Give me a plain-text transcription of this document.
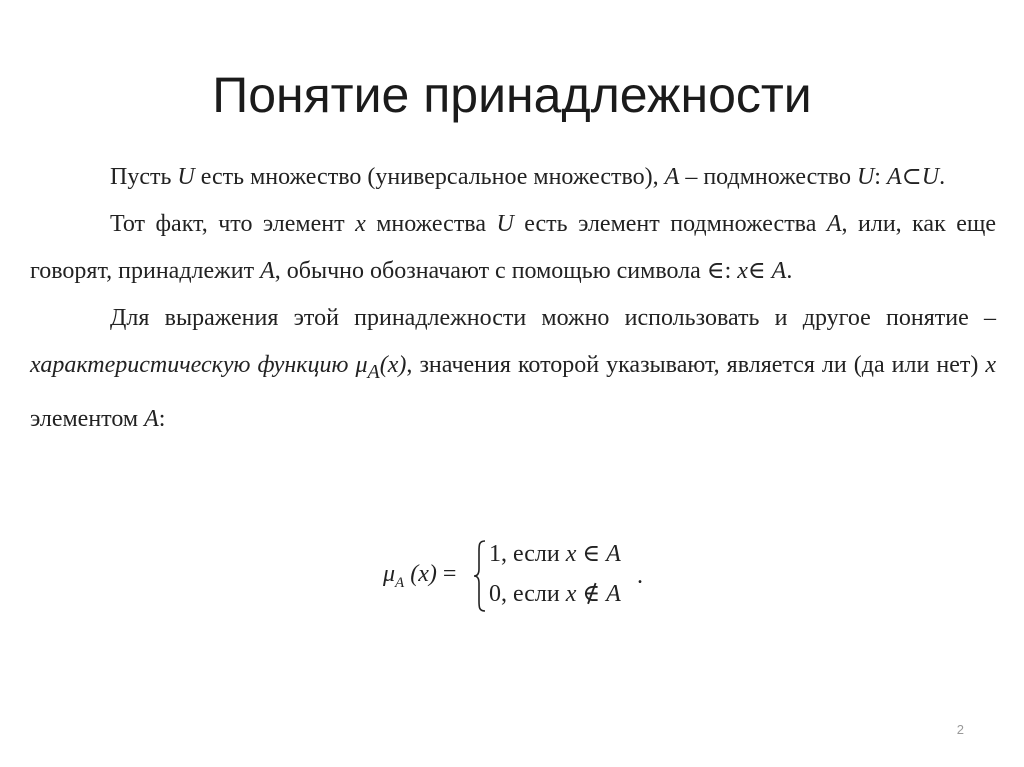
Понятие принадлежности

Пусть U есть множество (универсальное множество), A – подмножество U: A⊂U.

Тот факт, что элемент x множества U есть элемент подмножества A, или, как еще говорят, принадлежит A, обычно обозначают с помощью символа ∈: x∈ A.

Для выражения этой принадлежности можно использовать и другое понятие –характеристическую функцию $\mu_A(x)$, значения которой указывают, является ли (да или нет) x элементом A:

$\mu_A$ (x) =
1, если x ∈ A
0, если x ∉ A
.
2
